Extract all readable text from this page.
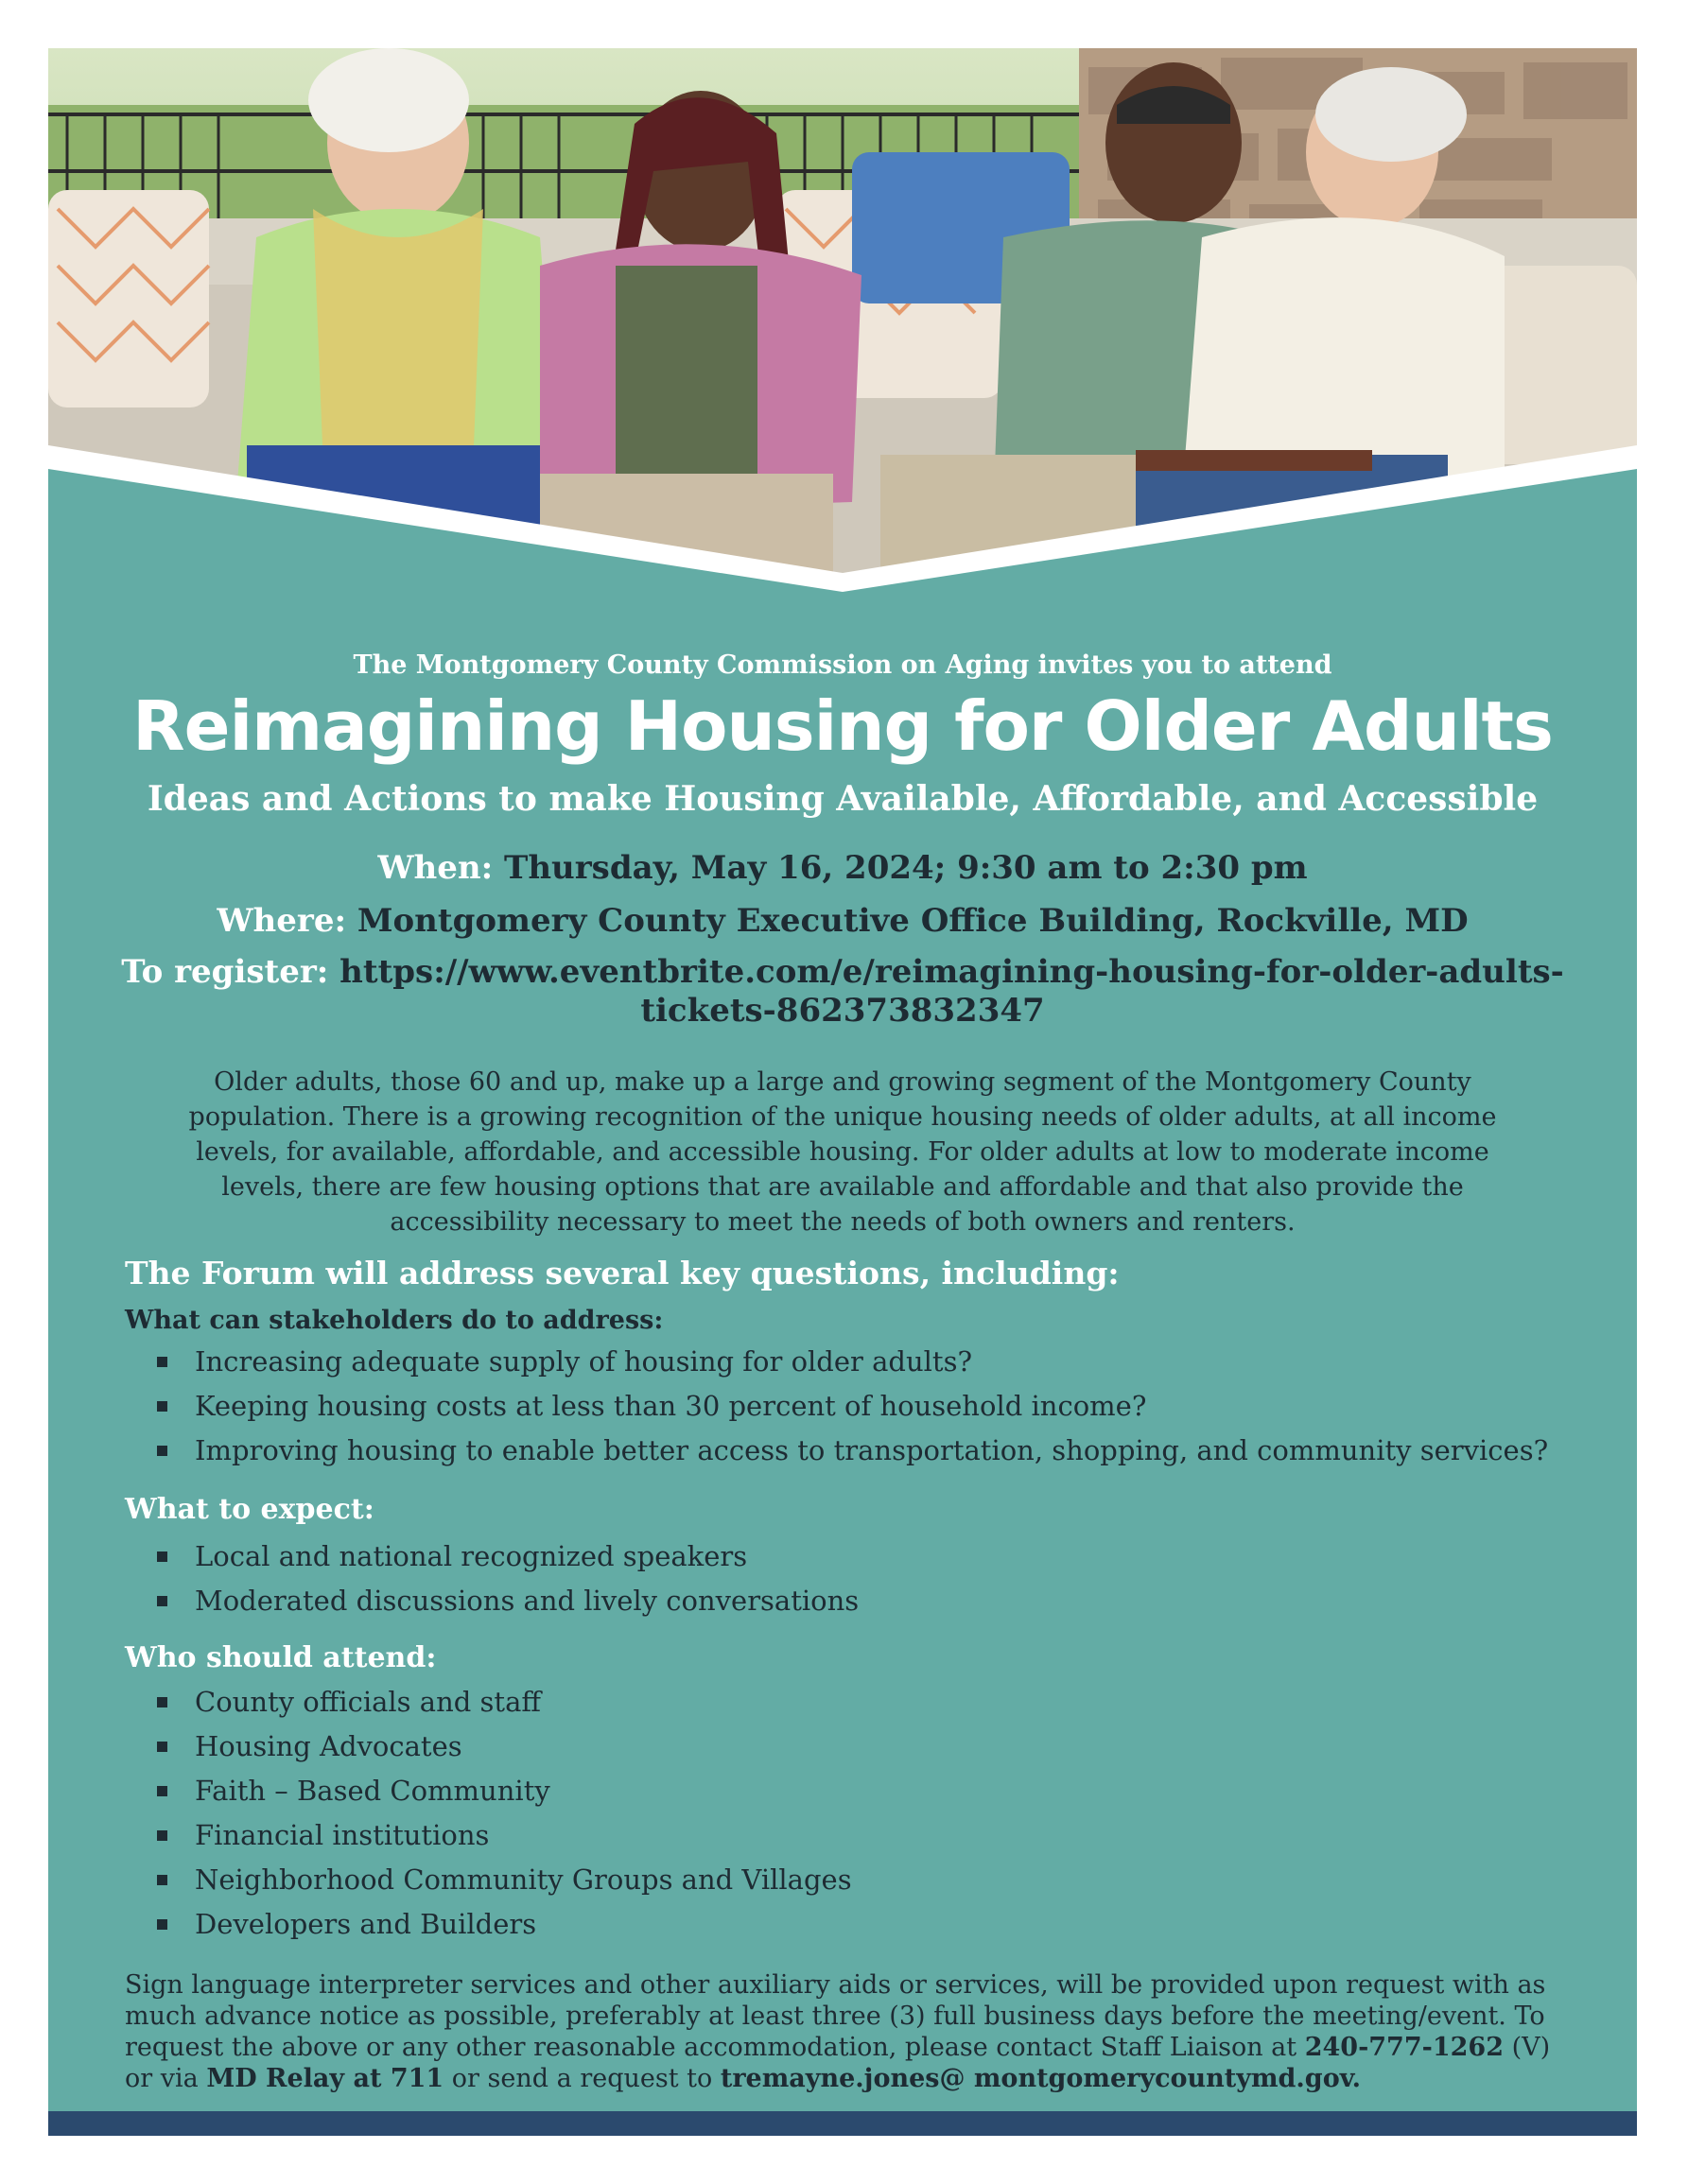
The Montgomery County Commission on Aging invites you to attend

Reimagining Housing for Older Adults

Ideas and Actions to make Housing Available, Affordable, and Accessible

When: Thursday, May 16, 2024; 9:30 am to 2:30 pm

Where: Montgomery County Executive Office Building, Rockville, MD

To register: https://www.eventbrite.com/e/reimagining-housing-for-older-adults-

tickets-862373832347

Older adults, those 60 and up, make up a large and growing segment of the Montgomery County population. There is a growing recognition of the unique housing needs of older adults, at all income levels, for available, affordable, and accessible housing. For older adults at low to moderate income levels, there are few housing options that are available and affordable and that also provide the accessibility necessary to meet the needs of both owners and renters.

The Forum will address several key questions, including:

What can stakeholders do to address:

Increasing adequate supply of housing for older adults?
Keeping housing costs at less than 30 percent of household income?
Improving housing to enable better access to transportation, shopping, and community services?

What to expect:

Local and national recognized speakers
Moderated discussions and lively conversations

Who should attend:

County officials and staff
Housing Advocates
Faith – Based Community
Financial institutions
Neighborhood Community Groups and Villages
Developers and Builders

Sign language interpreter services and other auxiliary aids or services, will be provided upon request with as much advance notice as possible, preferably at least three (3) full business days before the meeting/event. To request the above or any other reasonable accommodation, please contact Staff Liaison at 240-777-1262 (V) or via MD Relay at 711 or send a request to tremayne.jones@ montgomerycountymd.gov.
